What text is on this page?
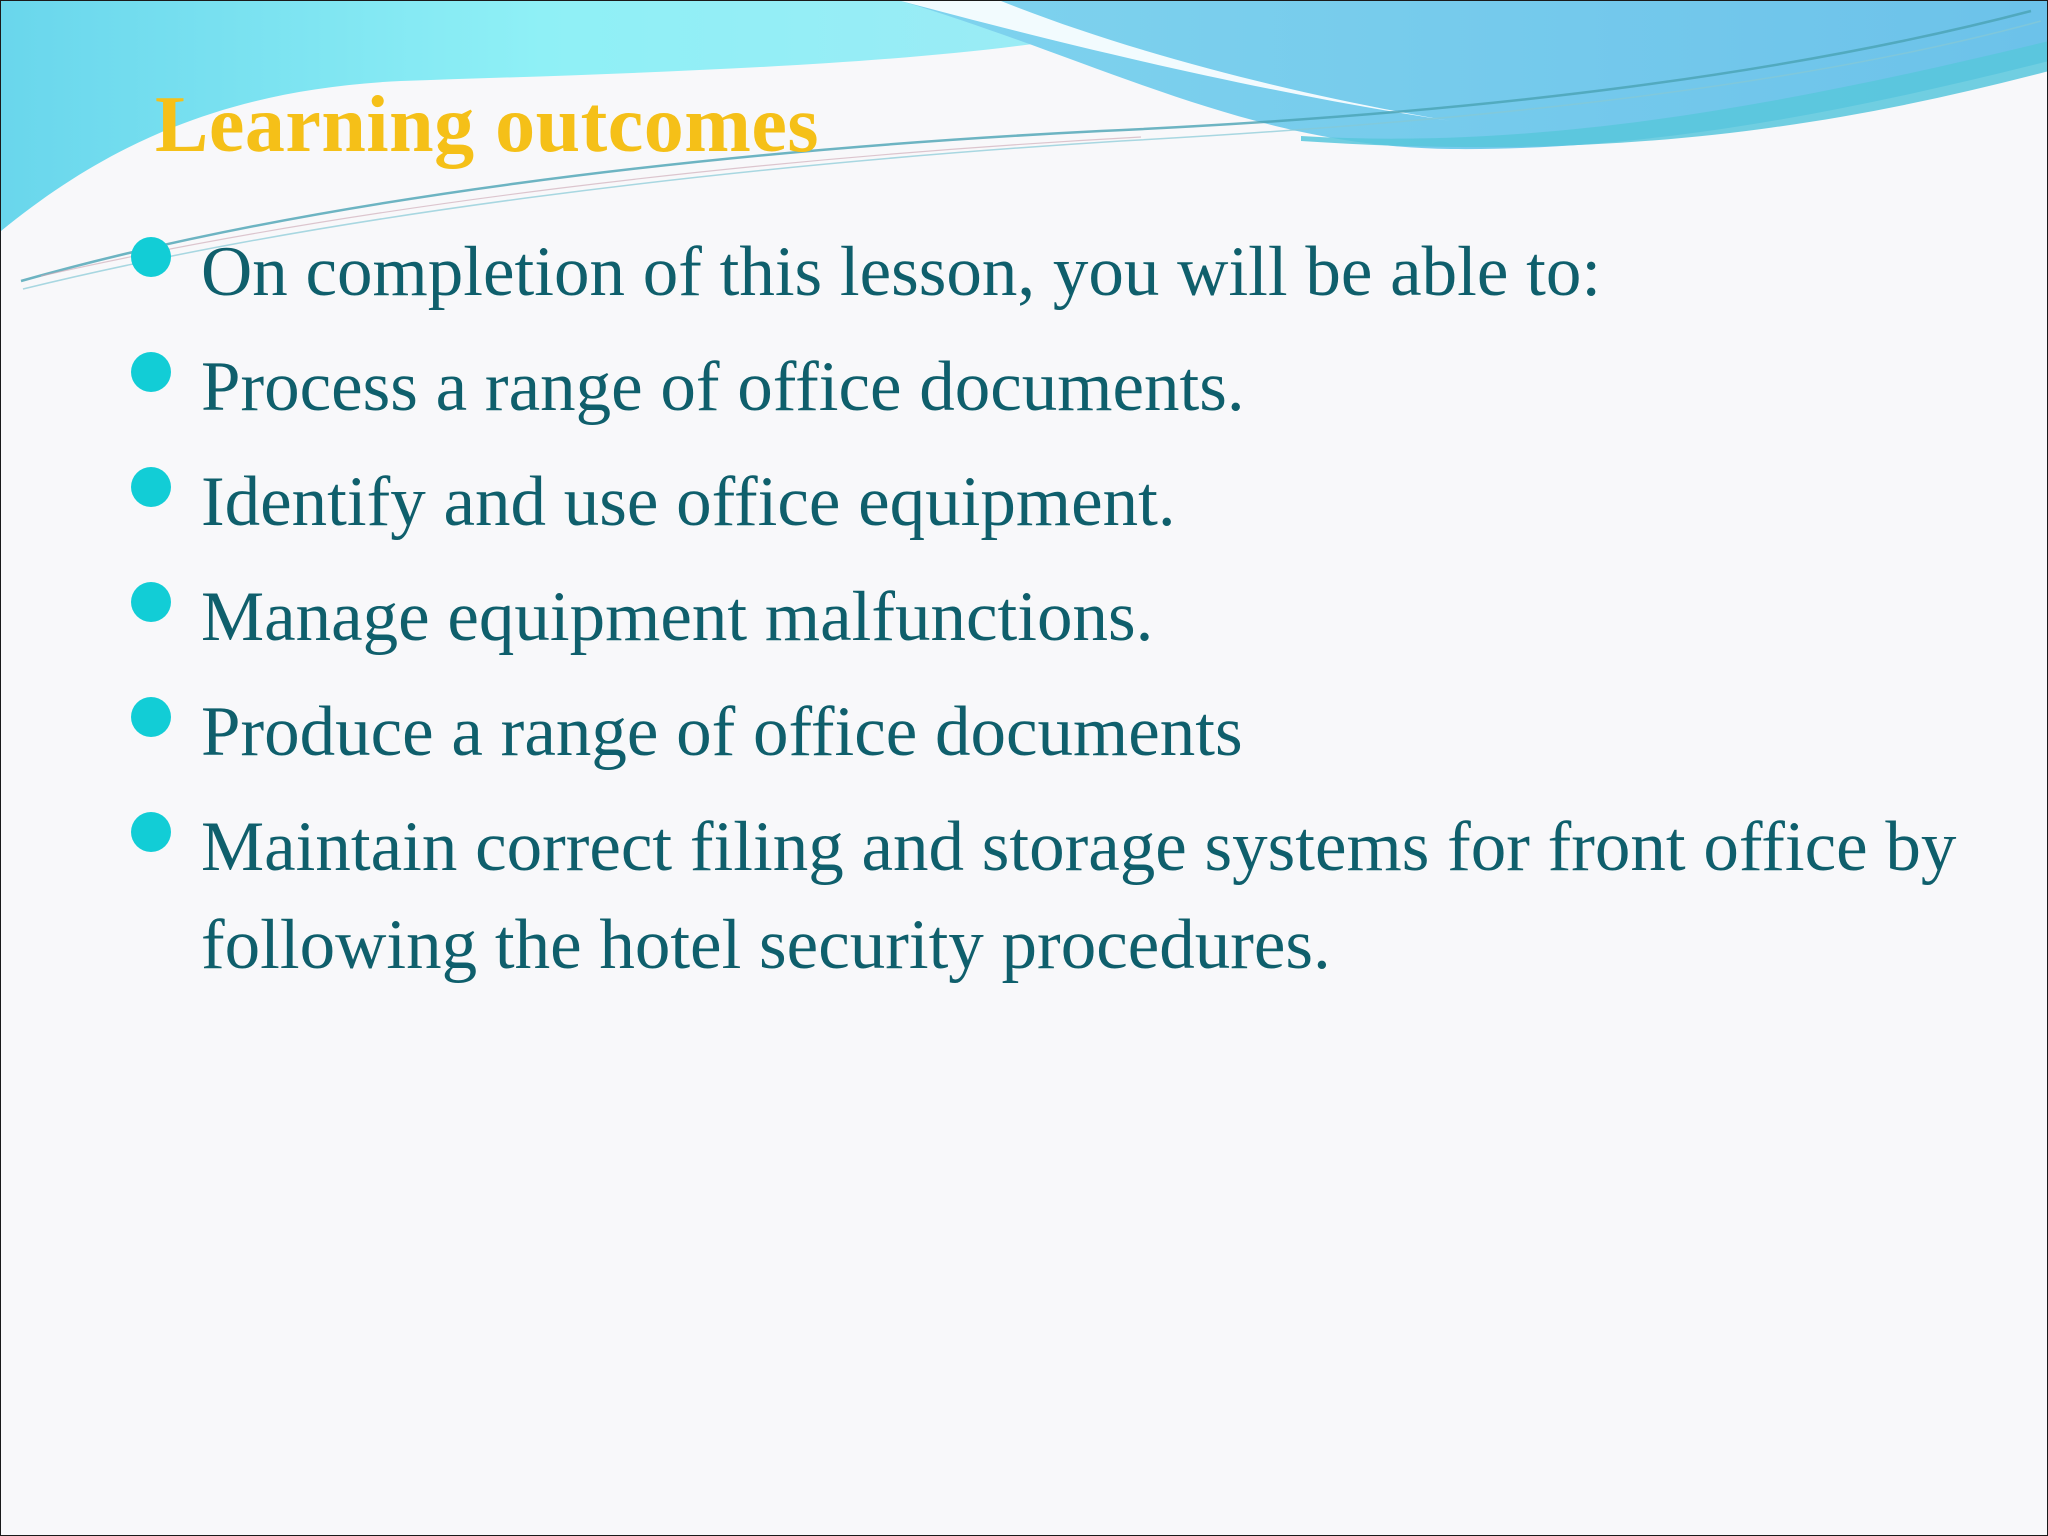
Learning outcomes
On completion of this lesson, you will be able to:
Process a range of office documents.
Identify and use office equipment.
Manage equipment malfunctions.
Produce a range of office documents
Maintain correct filing and storage systems for front office by following the hotel security procedures.
